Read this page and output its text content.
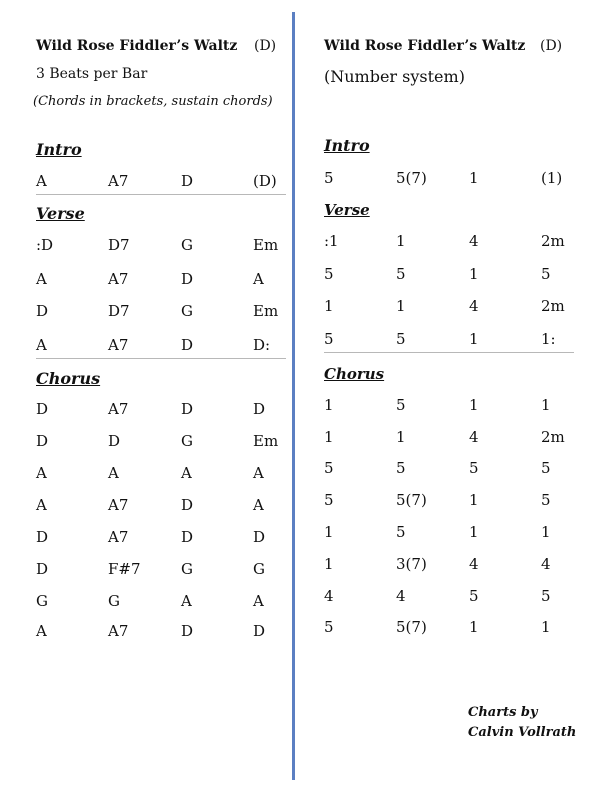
Wild Rose Fiddler’s Waltz (D)
3 Beats per Bar
(Chords in brackets, sustain chords)
Intro
A	A7	D	(D)
Verse
:D	D7	G	Em
A	A7	D	A
D	D7	G	Em
A	A7	D	D:
Chorus
D	A7	D	D
D	D	G	Em
A	A	A	A
A	A7	D	A
D	A7	D	D
D	F#7	G	G
G	G	A	A
A	A7	D	D
Wild Rose Fiddler’s Waltz (D)
(Number system)
Intro
5	5(7)	1	(1)
Verse
:1	1	4	2m
5	5	1	5
1	1	4	2m
5	5	1	1:
Chorus
1	5	1	1
1	1	4	2m
5	5	5	5
5	5(7)	1	5
1	5	1	1
1	3(7)	4	4
4	4	5	5
5	5(7)	1	1
Charts by
Calvin Vollrath
